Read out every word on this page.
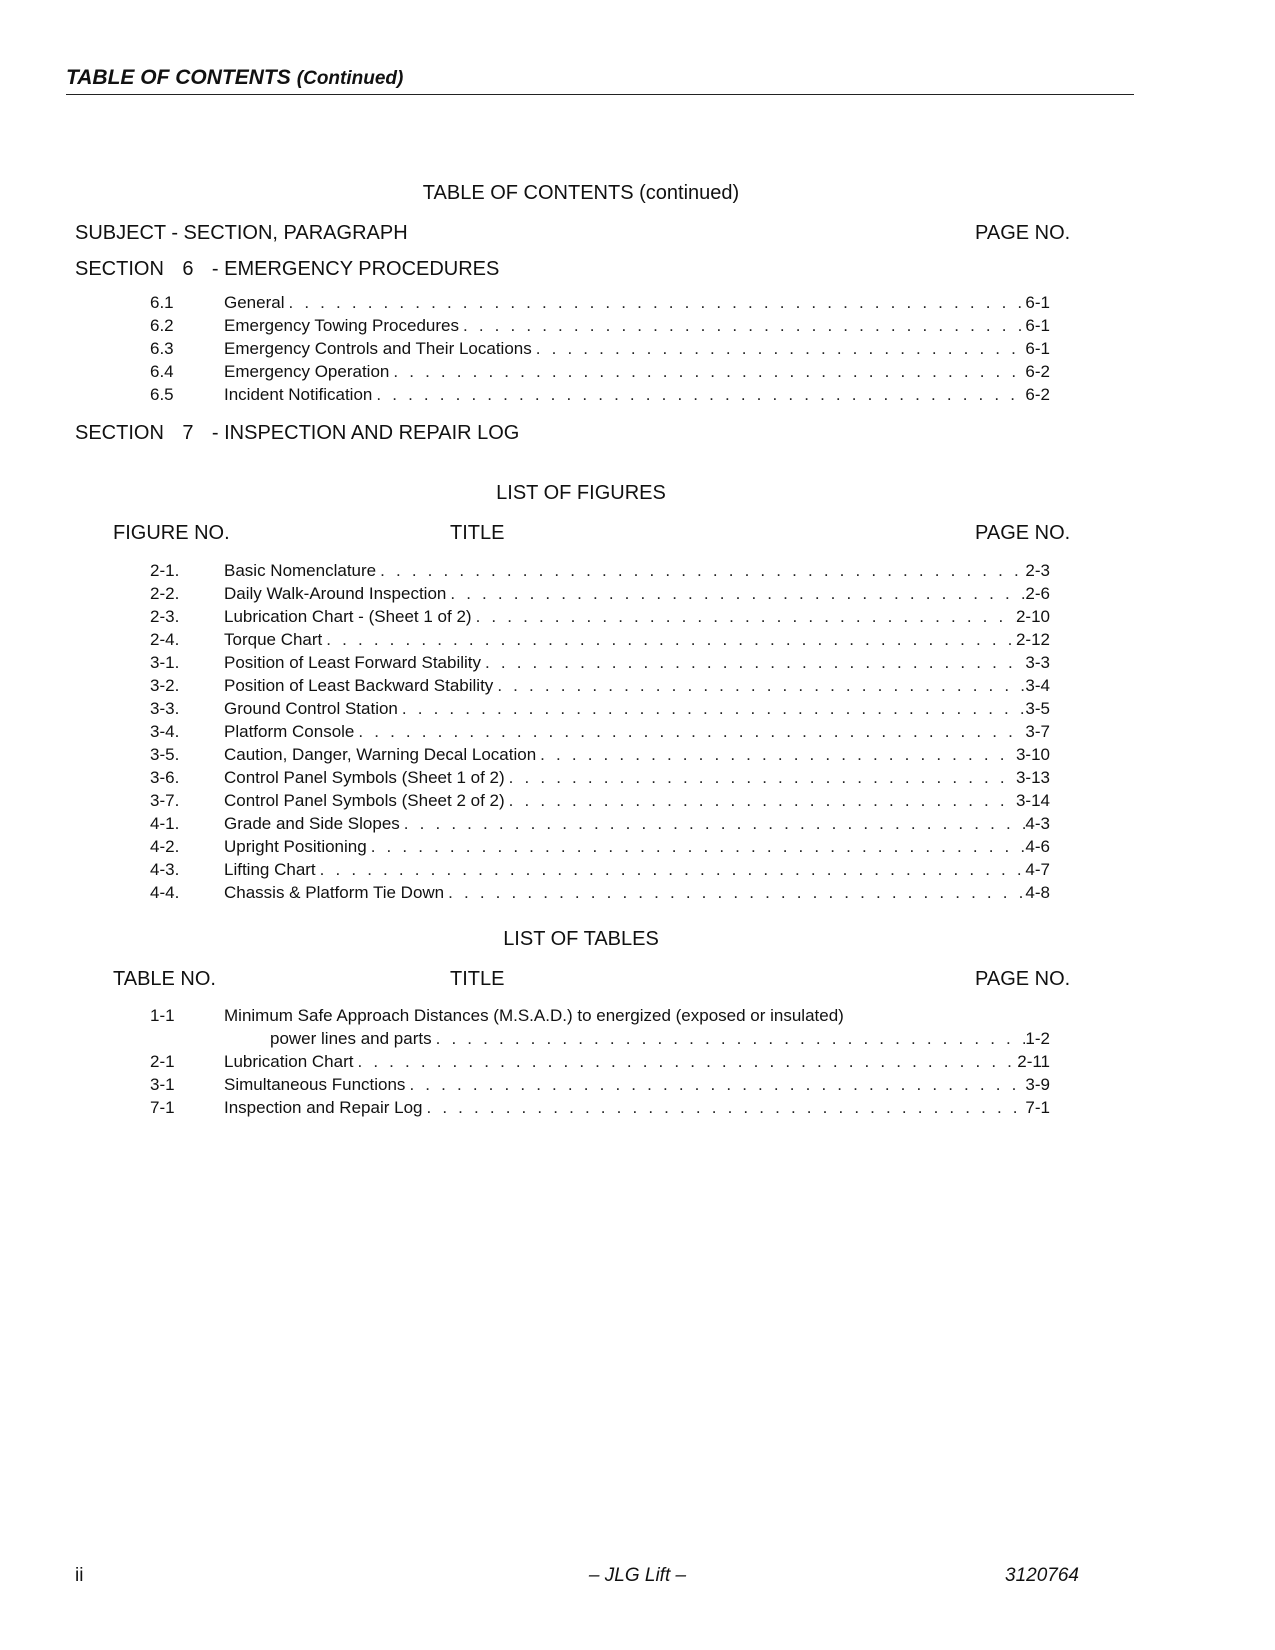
TABLE OF CONTENTS (Continued)
TABLE OF CONTENTS (continued)
SUBJECT - SECTION, PARAGRAPH	PAGE NO.
SECTION 6 - EMERGENCY PROCEDURES
6.1	General . . .	6-1
6.2	Emergency Towing Procedures . . .	6-1
6.3	Emergency Controls and Their Locations . . .	6-1
6.4	Emergency Operation . . .	6-2
6.5	Incident Notification . . .	6-2
SECTION 7 - INSPECTION AND REPAIR LOG
LIST OF FIGURES
FIGURE NO.	TITLE	PAGE NO.
2-1.	Basic Nomenclature . . .	2-3
2-2.	Daily Walk-Around Inspection . . .	2-6
2-3.	Lubrication Chart - (Sheet 1 of 2) . . .	2-10
2-4.	Torque Chart . . .	2-12
3-1.	Position of Least Forward Stability . . .	3-3
3-2.	Position of Least Backward Stability . . .	3-4
3-3.	Ground Control Station . . .	3-5
3-4.	Platform Console . . .	3-7
3-5.	Caution, Danger, Warning Decal Location . . .	3-10
3-6.	Control Panel Symbols (Sheet 1 of 2) . . .	3-13
3-7.	Control Panel Symbols (Sheet 2 of 2) . . .	3-14
4-1.	Grade and Side Slopes . . .	4-3
4-2.	Upright Positioning . . .	4-6
4-3.	Lifting Chart . . .	4-7
4-4.	Chassis & Platform Tie Down . . .	4-8
LIST OF TABLES
TABLE NO.	TITLE	PAGE NO.
1-1	Minimum Safe Approach Distances (M.S.A.D.) to energized (exposed or insulated)
power lines and parts . . .	1-2
2-1	Lubrication Chart . . .	2-11
3-1	Simultaneous Functions . . .	3-9
7-1	Inspection and Repair Log . . .	7-1
ii	– JLG Lift –	3120764
